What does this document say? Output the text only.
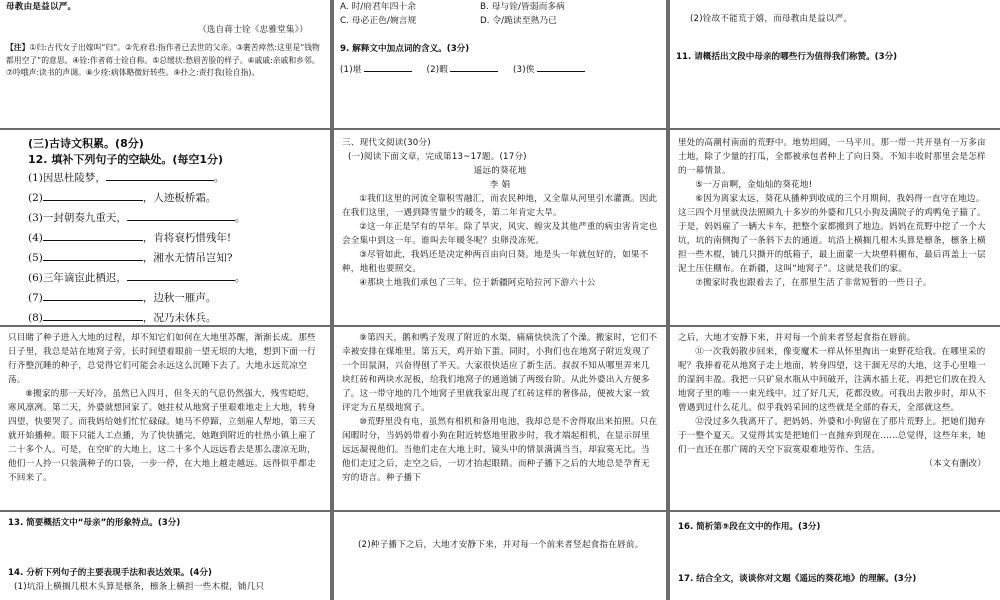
母教由是益以严。

（选自蒋士铨《忠雅堂集》）

【注】①归:古代女子出嫁叫“归”。②先府君:指作者已去世的父亲。③裹苦瘁然:这里是“钱物都用空了”的意思。④铨:作者蒋士铨自称。⑤总缓状:愁眉苦脸的样子。⑥戚戚:亲戚和乡邻。⑦呤哦声:读书的声调。⑧少痊:病体略微好转些。⑨扑之:责打我(铨自指)。

A. 时/府君年四十余	B. 母与铨/皆弱而多病
C. 母必正色/婉言规	D. 令/跪读至熟乃已

9. 解释文中加点词的含义。(3分)

(1)堪	(2)暇	(3)俟

(2)铨故不能荒于嬉，而母教由是益以严。

11. 请概括出文段中母亲的哪些行为值得我们称赞。(3分)

(三)古诗文积累。(8分)

12. 填补下列句子的空缺处。(每空1分)

(1)因思杜陵梦，	。
(2)	，人迹板桥霜。
(3)一封朝奏九重天，	。
(4)	，肯将衰朽惜残年!
(5)	，湘水无情吊岂知?
(6)三年谪宦此栖迟，	。
(7)	，边秋一雁声。
(8)	，况乃未休兵。

三、现代文阅读(30分)

(一)阅读下面文章，完成第13~17题。(17分)

遥远的葵花地

李 娟

①我们这里的河流全靠积雪融汇，而农民种地，又全靠从河里引水灌溉。因此在我们这里，一遇到降雪量少的暖冬，第二年肯定大旱。

②这一年正是罕有的旱年。除了旱灾，风灾、蝗灾及其他严重的病虫害肯定也会全集中到这一年。谁叫去年暖冬呢？虫卵没冻死。

③尽管如此，我妈还是决定种两百亩向日葵。地是头一年就包好的，如果不种，地租也要照交。

④那块土地我们承包了三年，位于新疆阿克哈拉河下游六十公

里处的高潮村南面的荒野中。地势坦阔，一马平川。那一带一共开垦有一万多亩土地，除了少量的打瓜，全都被承包者种上了向日葵。不知丰收时那里会是怎样的一幕情景。

⑤一万亩啊，金灿灿的葵花地!

⑥因为离家太远，葵花从播种到收成的三个月期间，我妈得一直守在地边。这三四个月里就没法照顾九十多岁的外婆和几只小狗及满院子的鸡鸭兔子猫了。于是，妈妈雇了一辆大卡车，把整个家都搬到了地边。妈妈在荒野中挖了一个大坑，坑的南侧掏了一条斜下去的通道。坑沿上横搁几根木头算是檩条，檩条上横担一些木棍，铺几只撕开的纸箱子，最上面蒙一大块塑料棚布，最后再盖上一层泥土压住棚布。在新疆，这叫“地窝子”。这就是我们的家。

⑦搬家时我也跟着去了，在那里生活了非常短暂的一些日子。

只目睹了种子进入大地的过程，却不知它们如何在大地里苏醒，渐渐长成。那些日子里，我总是站在地窝子旁，长时间望着眼前一望无垠的大地，想到下面一行行齐整沉睡的种子，总觉得它们可能会永远这么沉睡下去了。大地永远荒凉空荡。

⑧搬家的那一天好冷，虽然已入四月，但冬天的气息仍然强大，残雪皑皑，寒风凛冽。第二天，外婆就想回家了。她拄杖从地窝子里艰难地走上大地，转身四望，快要哭了。而我妈给她们忙忙碌碌。她马不停蹄，立刻雇人犁地，第三天就开始播种。眼下只能人工点播，为了快快播完，她跑到附近的杜热小镇上雇了二十多个人。可是，在空旷的大地上，这二十多个人远远看去是那么凄凉无助，他们一人拎一只装满种子的口袋，一步一停，在大地上越走越远。远得似乎都走不回来了。

⑨第四天，鹅和鸭子发现了附近的水渠，痛痛快快洗了个澡。搬家时，它们不幸被安排在煤堆里。第五天，鸡开始下蛋。同时，小狗们也在地窝子附近发现了一个田鼠洞，兴奋得刨了半天。大家很快适应了新生活。叔叔不知从哪里弄来几块红砖和两块水泥板，给我们地窝子的通道铺了两级台阶。从此外婆出入方便多了。这一带守地的几个地窝子里就我家出现了红砖这样的奢侈品，便被大家一致评定为五星级地窝子。

⑩荒野里没有电，虽然有相机和备用电池，我却总是不舍得取出来拍照。只在闲暇时分，当妈妈带着小狗在附近转悠地里散步时，我才端起相机，在显示屏里远远凝视他们。当他们走在大地上时，镜头中的情景满满当当，却寂寞无比。当他们走过之后，走空之后，一切才抬起眼睛。而种子播下之后的大地总是孕育无穷的语言。种子播下

之后，大地才安静下来，并对每一个前来者竖起食指在唇前。

⑪一次我妈散步回来，像变魔术一样从怀里掏出一束野花给我。在哪里采的呢？我捧着花从地窝子走上地面，转身四望，这干涸无尽的大地，这手心里唯一的湿润丰盈。我把一只矿泉水瓶从中间破开，注满水插上花，再把它们放在投入地窝子里的唯一一束光线中。过了好几天，花都没败。可我出去散步时，却从不曾遇到过什么花儿。似乎我妈采回的这些就是全部的春天，全部就这些。

⑫没过多久我离开了。把妈妈、外婆和小狗留在了那片荒野上。把她们抛弃于一整个夏天。又觉得其实是把她们一直抛弃到现在……总觉得，这些年来，她们一直还在那广阔的天空下寂寞艰难地劳作、生活。

（本文有删改）

13. 简要概括文中“母亲”的形象特点。(3分)

14. 分析下列句子的主要表现手法和表达效果。(4分)

(1)坑沿上横搁几根木头算是檩条，檩条上横担一些木棍，铺几只

(2)种子播下之后，大地才安静下来，并对每一个前来者竖起食指在唇前。

16. 简析第⑨段在文中的作用。(3分)

17. 结合全文，谈谈你对文题《遥远的葵花地》的理解。(3分)
